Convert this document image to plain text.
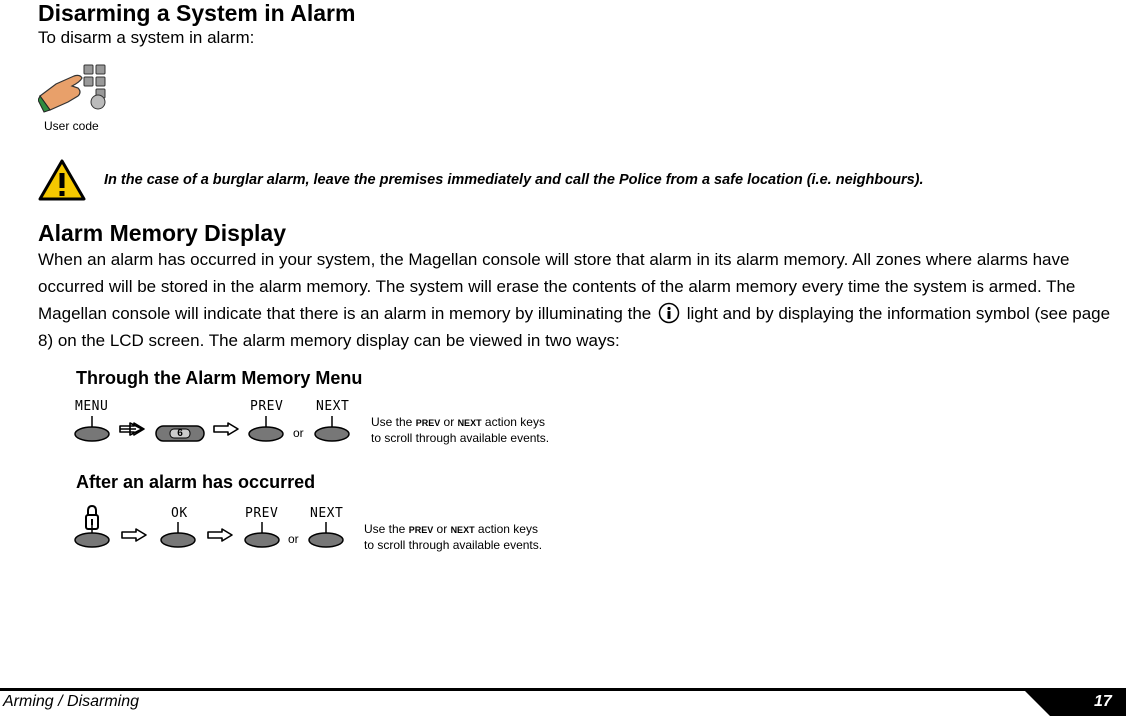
Disarming a System in Alarm
To disarm a system in alarm:
User code
In the case of a burglar alarm, leave the premises immediately and call the Police from a safe location (i.e. neighbours).
Alarm Memory Display
When an alarm has occurred in your system, the Magellan console will store that alarm in its alarm memory. All zones where alarms have occurred will be stored in the alarm memory. The system will erase the contents of the alarm memory every time the system is armed. The Magellan console will indicate that there is an alarm in memory by illuminating the light and by displaying the information symbol (see page 8) on the LCD screen. The alarm memory display can be viewed in two ways:
Through the Alarm Memory Menu
MENU	PREV	NEXT
6	or
Use the PREV or NEXT action keys
to scroll through available events.
After an alarm has occurred
OK	PREV NEXT
or
Use the PREV or NEXT action keys
to scroll through available events.
Arming / Disarming	17
